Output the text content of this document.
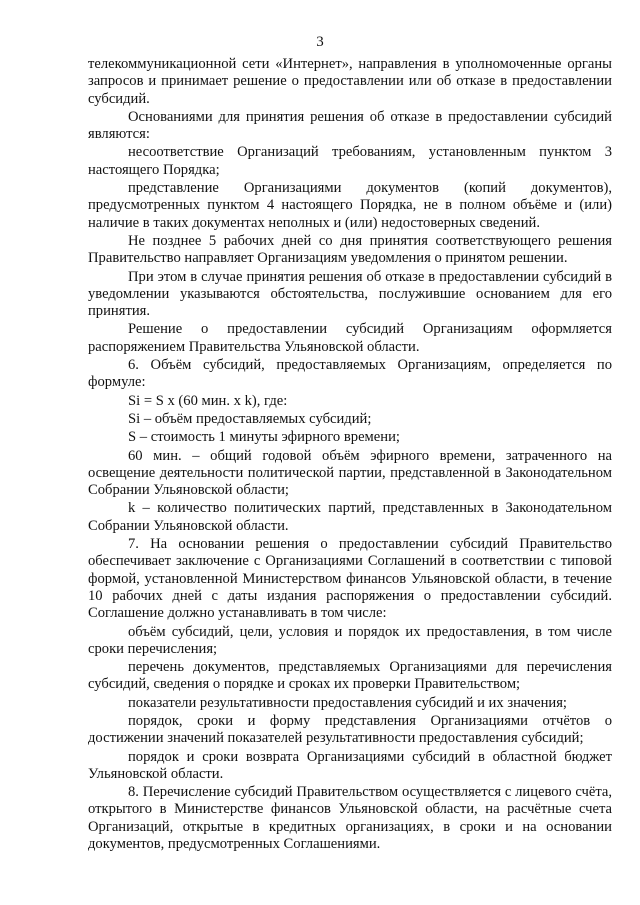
3

телекоммуникационной сети «Интернет», направления в уполномоченные органы запросов и принимает решение о предоставлении или об отказе в предоставлении субсидий.

Основаниями для принятия решения об отказе в предоставлении субсидий являются:

несоответствие Организаций требованиям, установленным пунктом 3 настоящего Порядка;

представление Организациями документов (копий документов), предусмотренных пунктом 4 настоящего Порядка, не в полном объёме и (или) наличие в таких документах неполных и (или) недостоверных сведений.

Не позднее 5 рабочих дней со дня принятия соответствующего решения Правительство направляет Организациям уведомления о принятом решении.

При этом в случае принятия решения об отказе в предоставлении субсидий в уведомлении указываются обстоятельства, послужившие основанием для его принятия.

Решение о предоставлении субсидий Организациям оформляется распоряжением Правительства Ульяновской области.

6. Объём субсидий, предоставляемых Организациям, определяется по формуле:

Si = S x (60 мин. x k), где:

Si – объём предоставляемых субсидий;

S – стоимость 1 минуты эфирного времени;

60 мин. – общий годовой объём эфирного времени, затраченного на освещение деятельности политической партии, представленной в Законодательном Собрании Ульяновской области;

k – количество политических партий, представленных в Законодательном Собрании Ульяновской области.

7. На основании решения о предоставлении субсидий Правительство обеспечивает заключение с Организациями Соглашений в соответствии с типовой формой, установленной Министерством финансов Ульяновской области, в течение 10 рабочих дней с даты издания распоряжения о предоставлении субсидий. Соглашение должно устанавливать в том числе:

объём субсидий, цели, условия и порядок их предоставления, в том числе сроки перечисления;

перечень документов, представляемых Организациями для перечисления субсидий, сведения о порядке и сроках их проверки Правительством;

показатели результативности предоставления субсидий и их значения;

порядок, сроки и форму представления Организациями отчётов о достижении значений показателей результативности предоставления субсидий;

порядок и сроки возврата Организациями субсидий в областной бюджет Ульяновской области.

8. Перечисление субсидий Правительством осуществляется с лицевого счёта, открытого в Министерстве финансов Ульяновской области, на расчётные счета Организаций, открытые в кредитных организациях, в сроки и на основании документов, предусмотренных Соглашениями.
